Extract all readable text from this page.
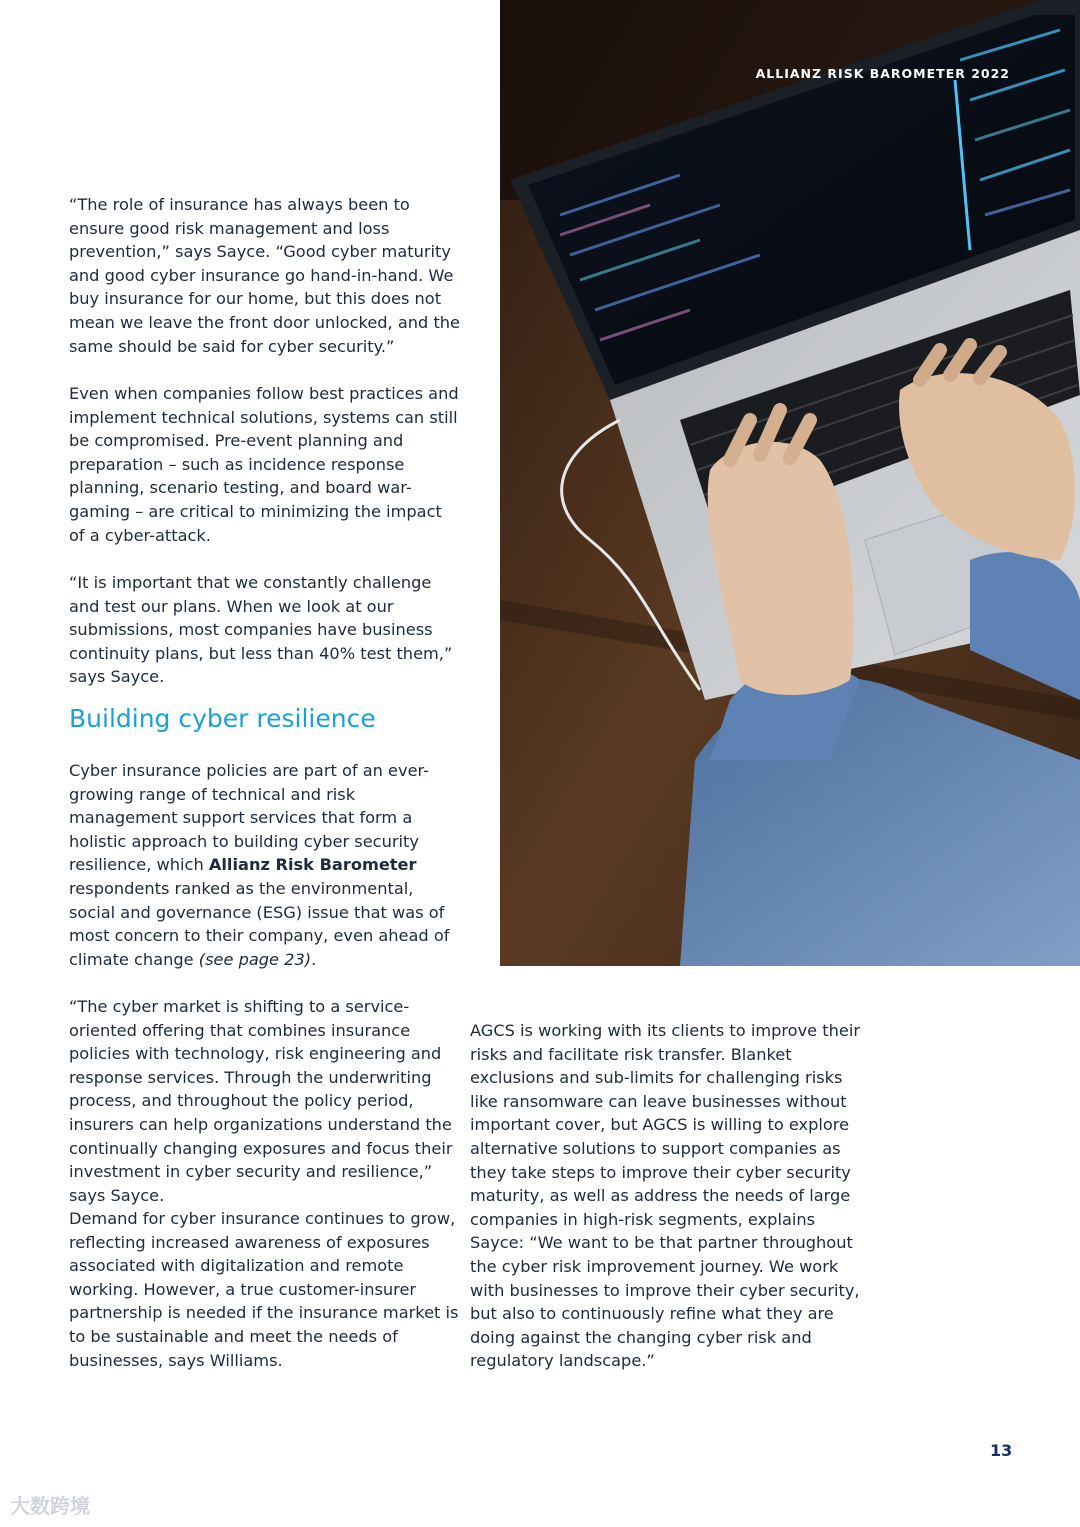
ALLIANZ RISK BAROMETER 2022

“The role of insurance has always been to ensure good risk management and loss prevention,” says Sayce. “Good cyber maturity and good cyber insurance go hand-in-hand. We buy insurance for our home, but this does not mean we leave the front door unlocked, and the same should be said for cyber security.”

Even when companies follow best practices and implement technical solutions, systems can still be compromised. Pre-event planning and preparation – such as incidence response planning, scenario testing, and board war-gaming – are critical to minimizing the impact of a cyber-attack.

“It is important that we constantly challenge and test our plans. When we look at our submissions, most companies have business continuity plans, but less than 40% test them,” says Sayce.

Building cyber resilience

Cyber insurance policies are part of an ever-growing range of technical and risk management support services that form a holistic approach to building cyber security resilience, which Allianz Risk Barometer respondents ranked as the environmental, social and governance (ESG) issue that was of most concern to their company, even ahead of climate change (see page 23).

“The cyber market is shifting to a service-oriented offering that combines insurance policies with technology, risk engineering and response services. Through the underwriting process, and throughout the policy period, insurers can help organizations understand the continually changing exposures and focus their investment in cyber security and resilience,” says Sayce.

Demand for cyber insurance continues to grow, reflecting increased awareness of exposures associated with digitalization and remote working. However, a true customer-insurer partnership is needed if the insurance market is to be sustainable and meet the needs of businesses, says Williams.

AGCS is working with its clients to improve their risks and facilitate risk transfer. Blanket exclusions and sub-limits for challenging risks like ransomware can leave businesses without important cover, but AGCS is willing to explore alternative solutions to support companies as they take steps to improve their cyber security maturity, as well as address the needs of large companies in high-risk segments, explains Sayce: “We want to be that partner throughout the cyber risk improvement journey. We work with businesses to improve their cyber security, but also to continuously refine what they are doing against the changing cyber risk and regulatory landscape.”

13
大数跨境
